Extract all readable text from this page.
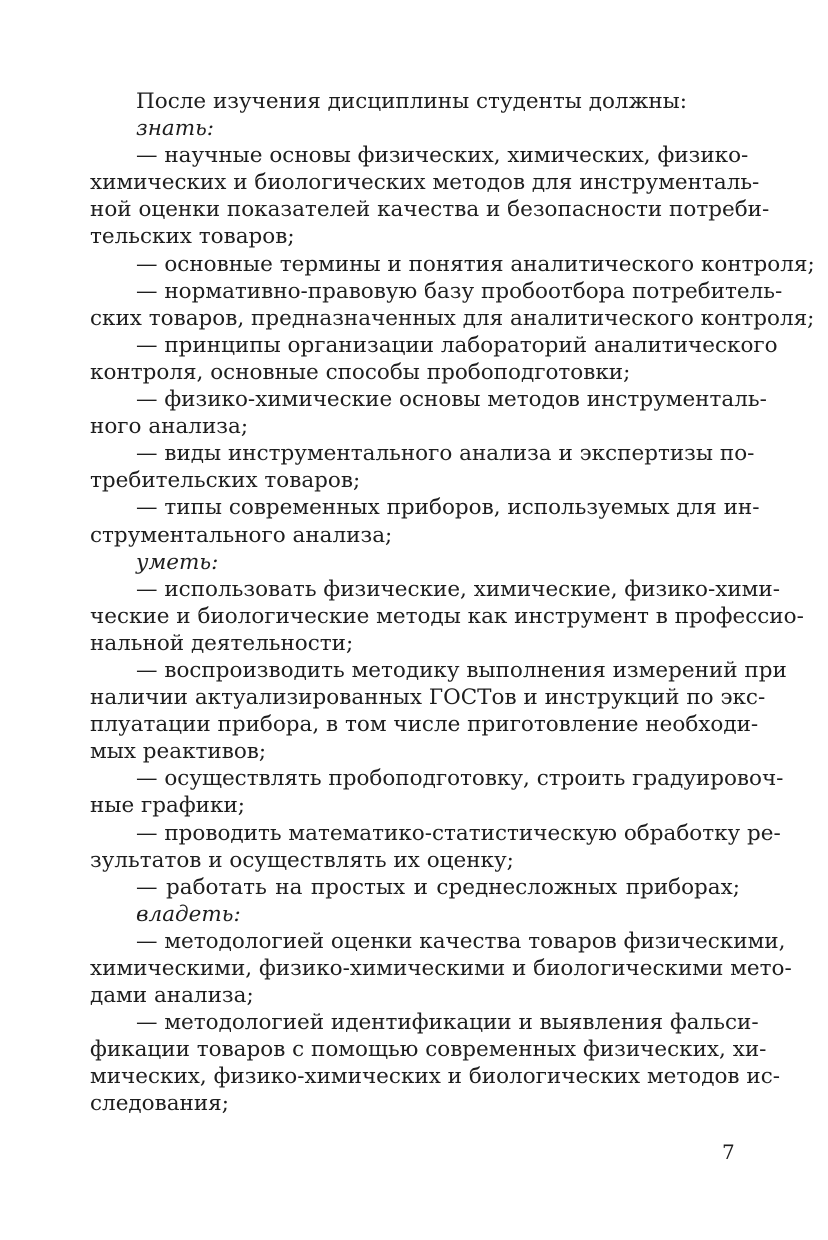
После изучения дисциплины студенты должны:
знать:
— научные основы физических, химических, физико-
химических и биологических методов для инструменталь-
ной оценки показателей качества и безопасности потреби-
тельских товаров;
— основные термины и понятия аналитического контроля;
— нормативно-правовую базу пробоотбора потребитель-
ских товаров, предназначенных для аналитического контроля;
— принципы организации лабораторий аналитического
контроля, основные способы пробоподготовки;
— физико-химические основы методов инструменталь-
ного анализа;
— виды инструментального анализа и экспертизы по-
требительских товаров;
— типы современных приборов, используемых для ин-
струментального анализа;
уметь:
— использовать физические, химические, физико-хими-
ческие и биологические методы как инструмент в профессио-
нальной деятельности;
— воспроизводить методику выполнения измерений при
наличии актуализированных ГОСТов и инструкций по экс-
плуатации прибора, в том числе приготовление необходи-
мых реактивов;
— осуществлять пробоподготовку, строить градуировоч-
ные графики;
— проводить математико-статистическую обработку ре-
зультатов и осуществлять их оценку;
— работать на простых и среднесложных приборах;
владеть:
— методологией оценки качества товаров физическими,
химическими, физико-химическими и биологическими мето-
дами анализа;
— методологией идентификации и выявления фальси-
фикации товаров с помощью современных физических, хи-
мических, физико-химических и биологических методов ис-
следования;
7
